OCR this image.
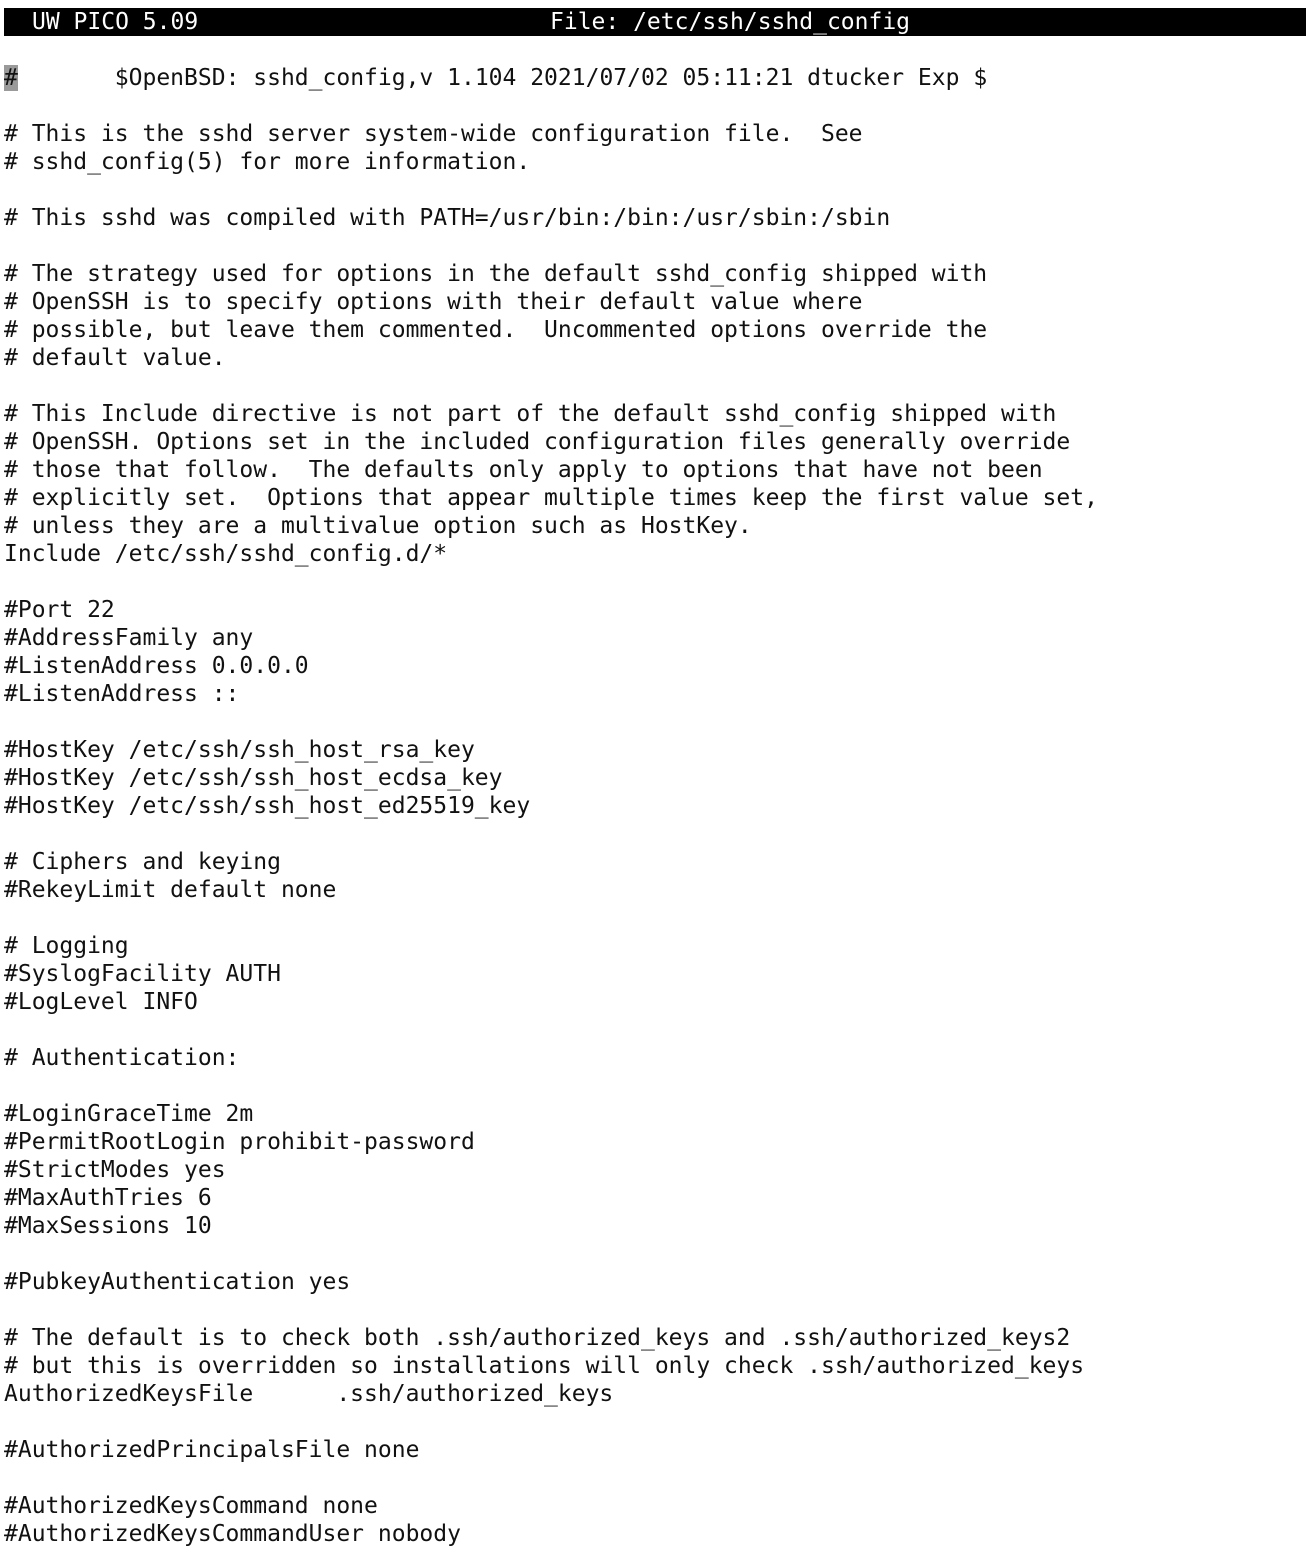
UW PICO 5.09	File: /etc/ssh/sshd_config
#       $OpenBSD: sshd_config,v 1.104 2021/07/02 05:11:21 dtucker Exp $
# This is the sshd server system-wide configuration file.  See
# sshd_config(5) for more information.
# This sshd was compiled with PATH=/usr/bin:/bin:/usr/sbin:/sbin
# The strategy used for options in the default sshd_config shipped with
# OpenSSH is to specify options with their default value where
# possible, but leave them commented.  Uncommented options override the
# default value.
# This Include directive is not part of the default sshd_config shipped with
# OpenSSH. Options set in the included configuration files generally override
# those that follow.  The defaults only apply to options that have not been
# explicitly set.  Options that appear multiple times keep the first value set,
# unless they are a multivalue option such as HostKey.
Include /etc/ssh/sshd_config.d/*
#Port 22
#AddressFamily any
#ListenAddress 0.0.0.0
#ListenAddress ::
#HostKey /etc/ssh/ssh_host_rsa_key
#HostKey /etc/ssh/ssh_host_ecdsa_key
#HostKey /etc/ssh/ssh_host_ed25519_key
# Ciphers and keying
#RekeyLimit default none
# Logging
#SyslogFacility AUTH
#LogLevel INFO
# Authentication:
#LoginGraceTime 2m
#PermitRootLogin prohibit-password
#StrictModes yes
#MaxAuthTries 6
#MaxSessions 10
#PubkeyAuthentication yes
# The default is to check both .ssh/authorized_keys and .ssh/authorized_keys2
# but this is overridden so installations will only check .ssh/authorized_keys
AuthorizedKeysFile      .ssh/authorized_keys
#AuthorizedPrincipalsFile none
#AuthorizedKeysCommand none
#AuthorizedKeysCommandUser nobody
